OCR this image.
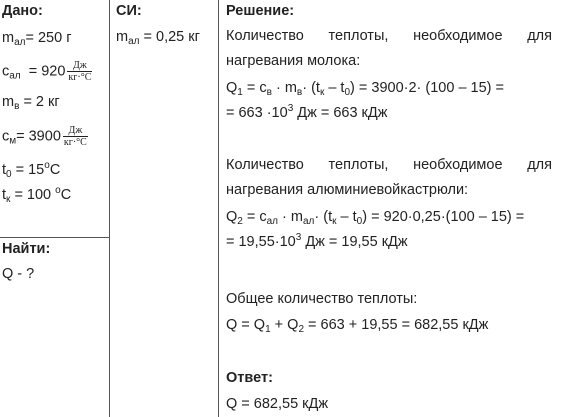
Дано:
$m_{ал}= 250$ г
$c_{ал} = 920 \frac{Дж}{кг\cdot^\circ С}$
$m_в = 2$ кг
$c_м= 3900 \frac{Дж}{кг\cdot^\circ С}$
$t_0 = 15^oC$
$t_к = 100$ $^o$C
Найти:
Q - ?
СИ:
$m_{ал} = 0,25$ кг
Решение:
Количество теплоты, необходимое для
нагревания молока:
$Q_1 = c_в \cdot m_в\cdot (t_к - t_0) = 3900\cdot 2\cdot (100 - 15)$ =
= $663 \cdot 10^3$ Дж = 663 кДж
Количество теплоты, необходимое для
нагревания алюминиевойкастрюли:
$Q_2 = c_{ал} \cdot m_{ал}\cdot (t_к - t_0) = 920\cdot 0,25\cdot(100 - 15)$ =
= $19,55\cdot 10^3$ Дж = 19,55 кДж
Общее количество теплоты:
$Q = Q_1 + Q_2 = 663 + 19,55 = 682,55$ кДж
Ответ:
Q = 682,55 кДж
